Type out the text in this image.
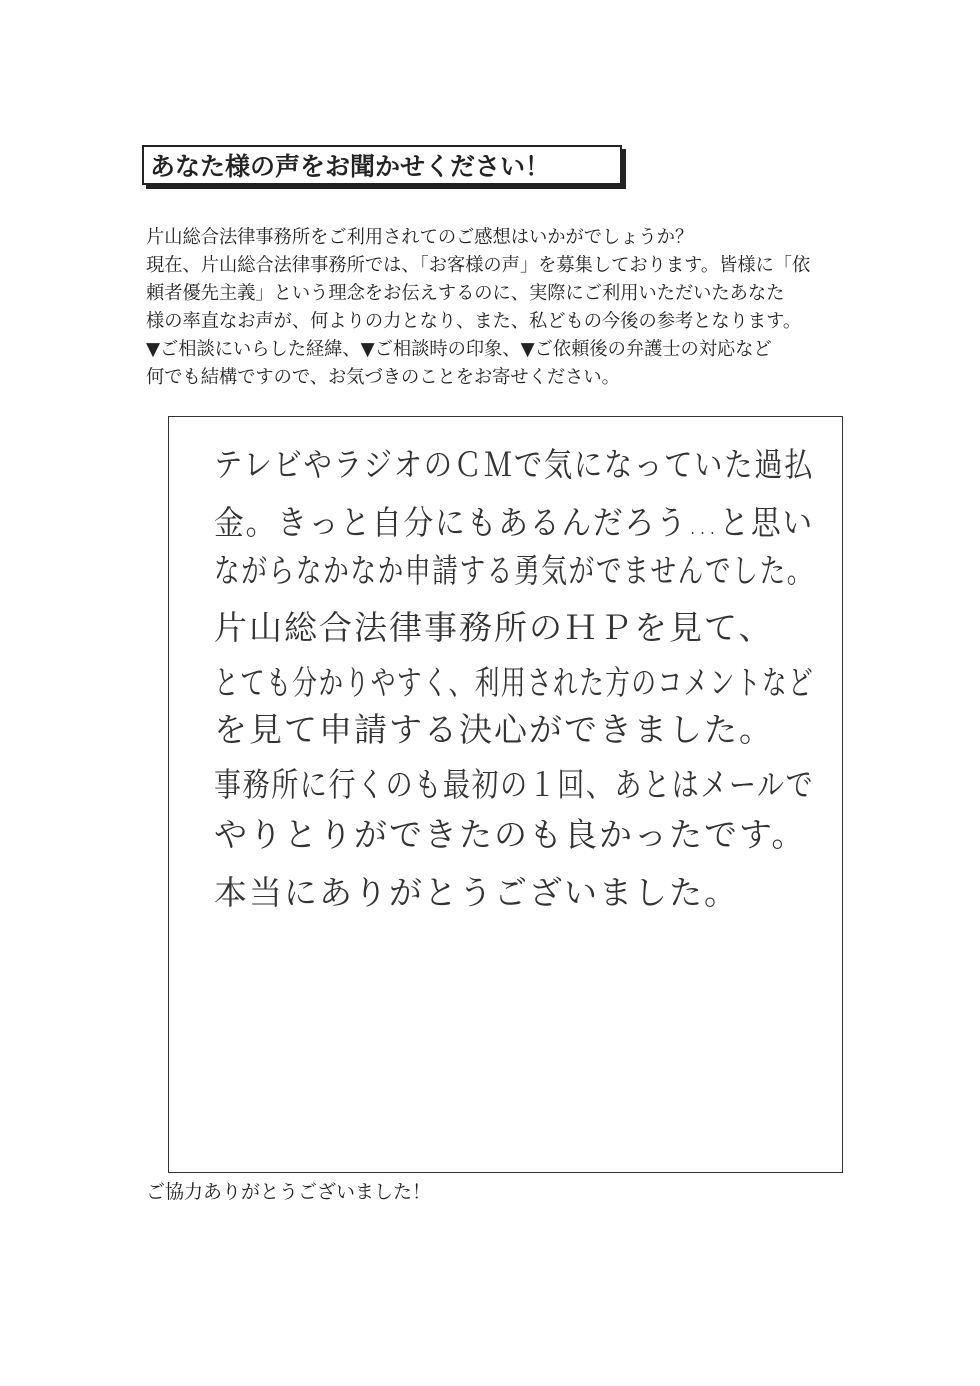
あなた様の声をお聞かせください！
片山総合法律事務所をご利用されてのご感想はいかがでしょうか？
現在、片山総合法律事務所では、「お客様の声」を募集しております。皆様に「依
頼者優先主義」という理念をお伝えするのに、実際にご利用いただいたあなた
様の率直なお声が、何よりの力となり、また、私どもの今後の参考となります。
▼ご相談にいらした経緯、▼ご相談時の印象、▼ご依頼後の弁護士の対応など
何でも結構ですので、お気づきのことをお寄せください。
テレビやラジオのＣＭで気になっていた過払
金。きっと自分にもあるんだろう…と思い
ながらなかなか申請する勇気がでませんでした。
片山総合法律事務所のＨＰを見て、
とても分かりやすく、利用された方のコメントなど
を見て申請する決心ができました。
事務所に行くのも最初の１回、あとはメールで
やりとりができたのも良かったです。
本当にありがとうございました。
ご協力ありがとうございました！
